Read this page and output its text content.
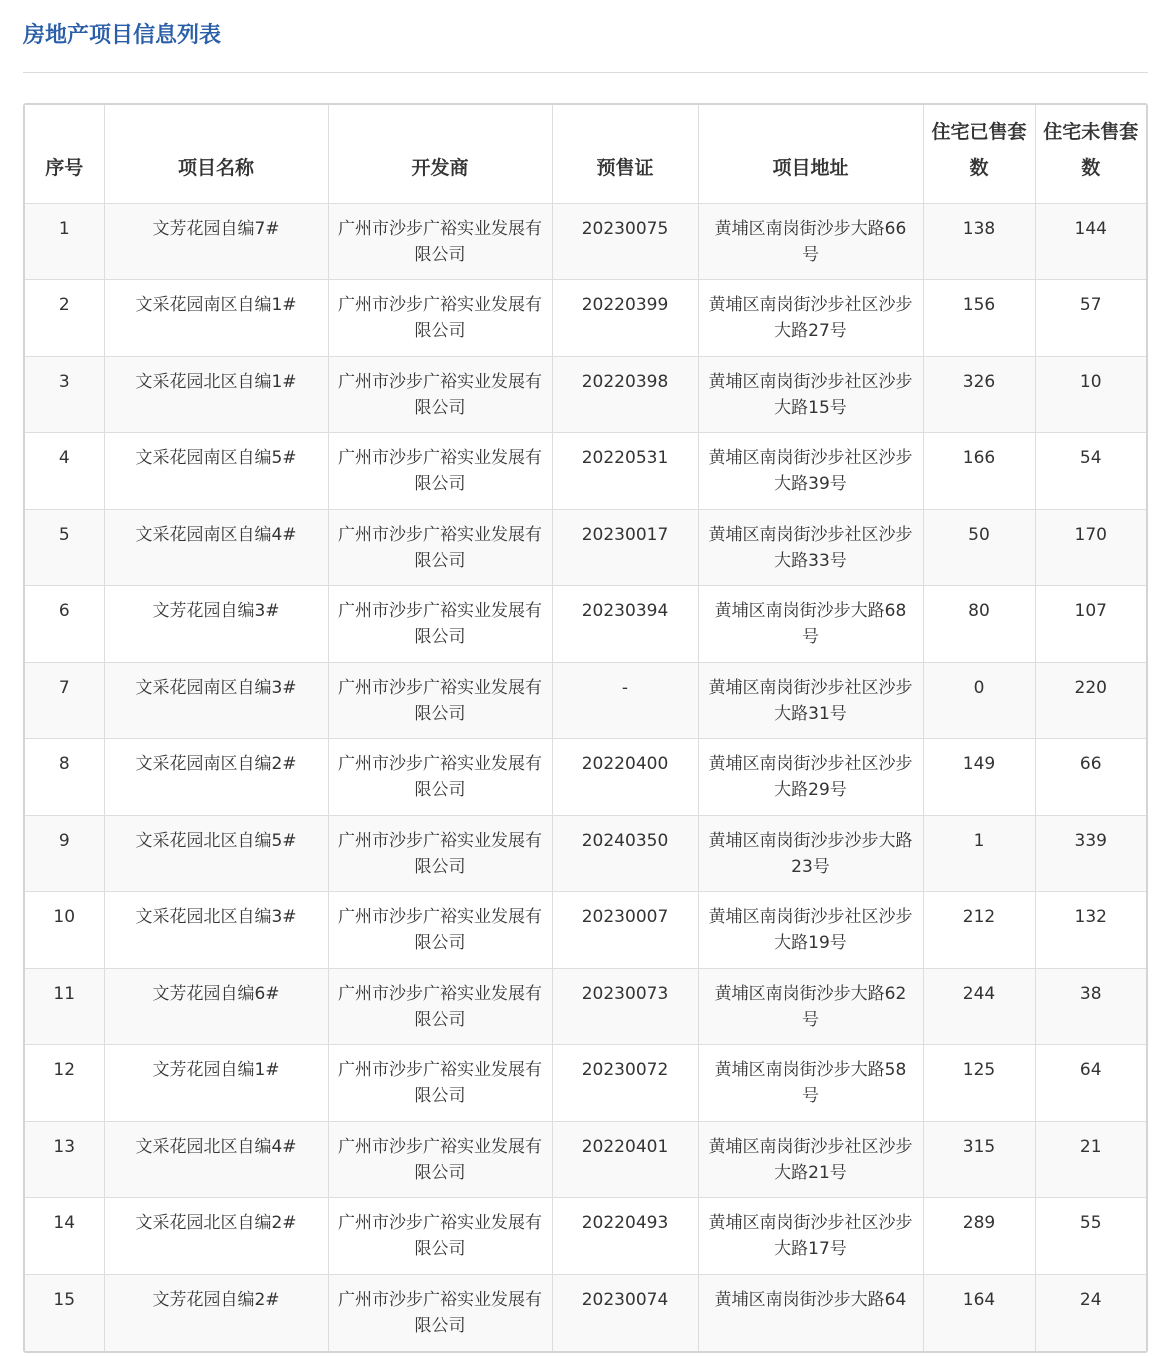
房地产项目信息列表
序号	项目名称	开发商	预售证	项目地址	住宅已售套数	住宅未售套数
1	文芳花园自编7#	广州市沙步广裕实业发展有限公司	20230075	黄埔区南岗街沙步大路66号	138	144
2	文采花园南区自编1#	广州市沙步广裕实业发展有限公司	20220399	黄埔区南岗街沙步社区沙步大路27号	156	57
3	文采花园北区自编1#	广州市沙步广裕实业发展有限公司	20220398	黄埔区南岗街沙步社区沙步大路15号	326	10
4	文采花园南区自编5#	广州市沙步广裕实业发展有限公司	20220531	黄埔区南岗街沙步社区沙步大路39号	166	54
5	文采花园南区自编4#	广州市沙步广裕实业发展有限公司	20230017	黄埔区南岗街沙步社区沙步大路33号	50	170
6	文芳花园自编3#	广州市沙步广裕实业发展有限公司	20230394	黄埔区南岗街沙步大路68号	80	107
7	文采花园南区自编3#	广州市沙步广裕实业发展有限公司	-	黄埔区南岗街沙步社区沙步大路31号	0	220
8	文采花园南区自编2#	广州市沙步广裕实业发展有限公司	20220400	黄埔区南岗街沙步社区沙步大路29号	149	66
9	文采花园北区自编5#	广州市沙步广裕实业发展有限公司	20240350	黄埔区南岗街沙步沙步大路23号	1	339
10	文采花园北区自编3#	广州市沙步广裕实业发展有限公司	20230007	黄埔区南岗街沙步社区沙步大路19号	212	132
11	文芳花园自编6#	广州市沙步广裕实业发展有限公司	20230073	黄埔区南岗街沙步大路62号	244	38
12	文芳花园自编1#	广州市沙步广裕实业发展有限公司	20230072	黄埔区南岗街沙步大路58号	125	64
13	文采花园北区自编4#	广州市沙步广裕实业发展有限公司	20220401	黄埔区南岗街沙步社区沙步大路21号	315	21
14	文采花园北区自编2#	广州市沙步广裕实业发展有限公司	20220493	黄埔区南岗街沙步社区沙步大路17号	289	55
15	文芳花园自编2#	广州市沙步广裕实业发展有限公司	20230074	黄埔区南岗街沙步大路64	164	24
